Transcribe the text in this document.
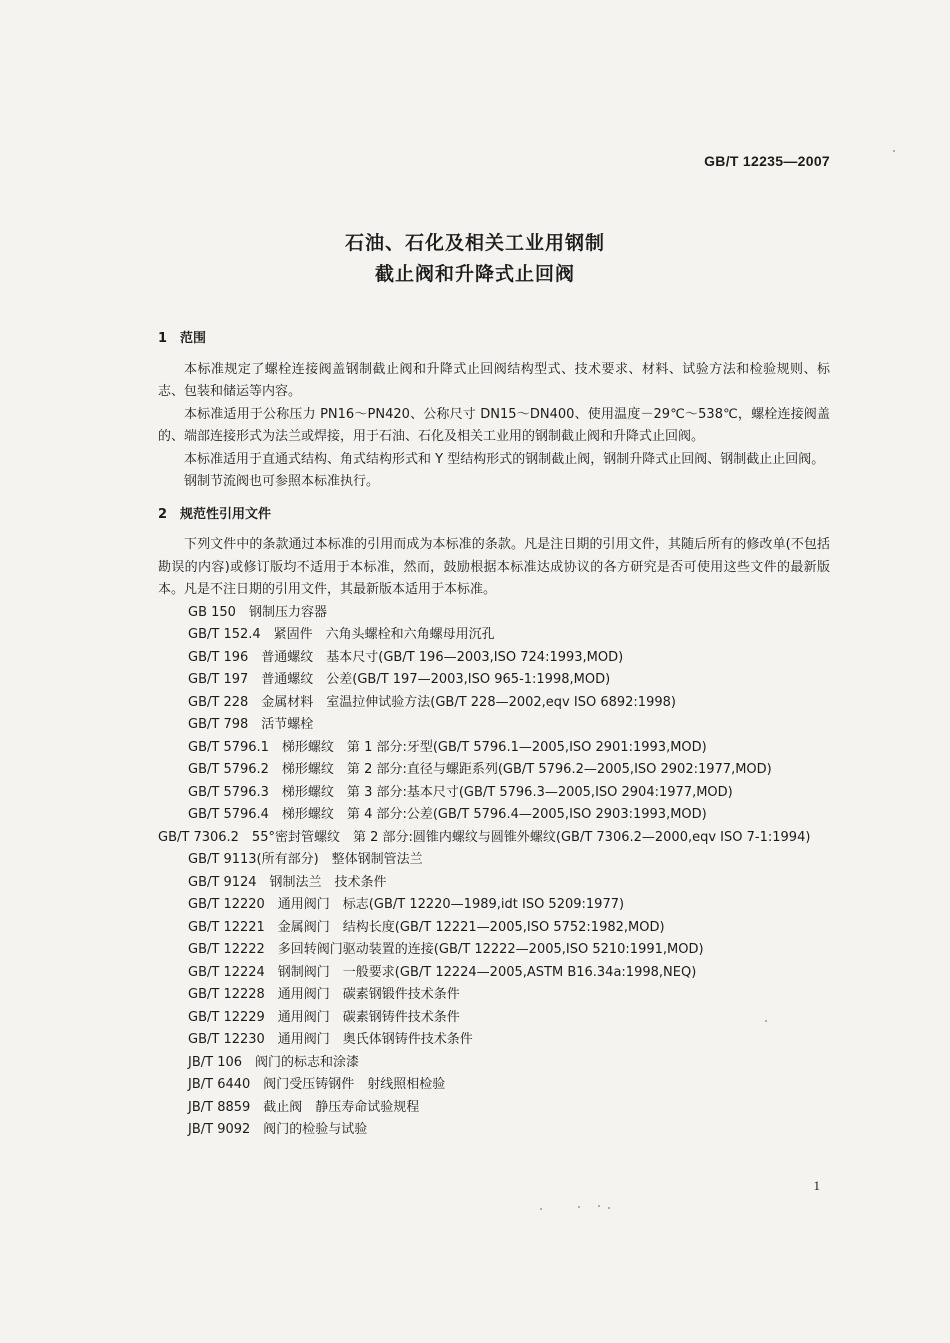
GB/T 12235—2007
石油、石化及相关工业用钢制
截止阀和升降式止回阀
1 范围
本标准规定了螺栓连接阀盖钢制截止阀和升降式止回阀结构型式、技术要求、材料、试验方法和检验规则、标志、包装和储运等内容。
本标准适用于公称压力 PN16～PN420、公称尺寸 DN15～DN400、使用温度－29℃～538℃，螺栓连接阀盖的、端部连接形式为法兰或焊接，用于石油、石化及相关工业用的钢制截止阀和升降式止回阀。
本标准适用于直通式结构、角式结构形式和 Y 型结构形式的钢制截止阀，钢制升降式止回阀、钢制截止止回阀。
钢制节流阀也可参照本标准执行。
2 规范性引用文件
下列文件中的条款通过本标准的引用而成为本标准的条款。凡是注日期的引用文件，其随后所有的修改单(不包括勘误的内容)或修订版均不适用于本标准，然而，鼓励根据本标准达成协议的各方研究是否可使用这些文件的最新版本。凡是不注日期的引用文件，其最新版本适用于本标准。
GB 150　钢制压力容器
GB/T 152.4　紧固件　六角头螺栓和六角螺母用沉孔
GB/T 196　普通螺纹　基本尺寸(GB/T 196—2003,ISO 724:1993,MOD)
GB/T 197　普通螺纹　公差(GB/T 197—2003,ISO 965-1:1998,MOD)
GB/T 228　金属材料　室温拉伸试验方法(GB/T 228—2002,eqv ISO 6892:1998)
GB/T 798　活节螺栓
GB/T 5796.1　梯形螺纹　第 1 部分:牙型(GB/T 5796.1—2005,ISO 2901:1993,MOD)
GB/T 5796.2　梯形螺纹　第 2 部分:直径与螺距系列(GB/T 5796.2—2005,ISO 2902:1977,MOD)
GB/T 5796.3　梯形螺纹　第 3 部分:基本尺寸(GB/T 5796.3—2005,ISO 2904:1977,MOD)
GB/T 5796.4　梯形螺纹　第 4 部分:公差(GB/T 5796.4—2005,ISO 2903:1993,MOD)
GB/T 7306.2　55°密封管螺纹　第 2 部分:圆锥内螺纹与圆锥外螺纹(GB/T 7306.2—2000,eqv ISO 7-1:1994)
GB/T 9113(所有部分)　整体钢制管法兰
GB/T 9124　钢制法兰　技术条件
GB/T 12220　通用阀门　标志(GB/T 12220—1989,idt ISO 5209:1977)
GB/T 12221　金属阀门　结构长度(GB/T 12221—2005,ISO 5752:1982,MOD)
GB/T 12222　多回转阀门驱动装置的连接(GB/T 12222—2005,ISO 5210:1991,MOD)
GB/T 12224　钢制阀门　一般要求(GB/T 12224—2005,ASTM B16.34a:1998,NEQ)
GB/T 12228　通用阀门　碳素钢锻件技术条件
GB/T 12229　通用阀门　碳素钢铸件技术条件
GB/T 12230　通用阀门　奥氏体钢铸件技术条件
JB/T 106　阀门的标志和涂漆
JB/T 6440　阀门受压铸钢件　射线照相检验
JB/T 8859　截止阀　静压寿命试验规程
JB/T 9092　阀门的检验与试验
1
